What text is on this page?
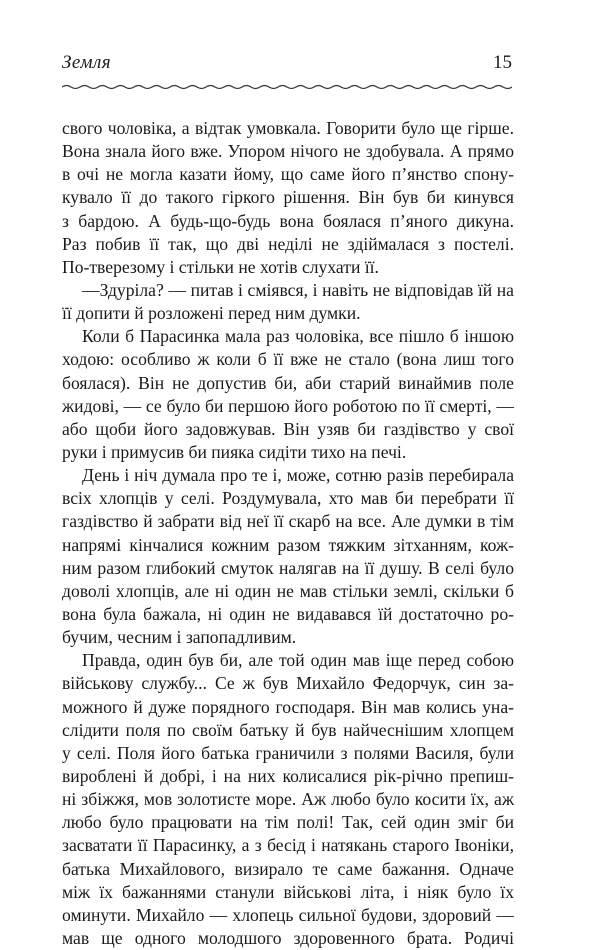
Земля	15
свого чоловіка, а відтак умовкала. Говорити було ще гірше.
Вона знала його вже. Упором нічого не здобувала. А прямо
в очі не могла казати йому, що саме його п’янство спону-
кувало її до такого гіркого рішення. Він був би кинувся
з бардою. А будь-що-будь вона боялася п’яного дикуна.
Раз побив її так, що дві неділі не здіймалася з постелі.
По-тверезому і стільки не хотів слухати її.
—Здуріла? — питав і сміявся, і навіть не відповідав їй на
її допити й розложені перед ним думки.
Коли б Парасинка мала раз чоловіка, все пішло б іншою
ходою: особливо ж коли б її вже не стало (вона лиш того
боялася). Він не допустив би, аби старий винаймив поле
жидові, — се було би першою його роботою по її смерті, —
або щоби його задовжував. Він узяв би газдівство у свої
руки і примусив би пияка сидіти тихо на печі.
День і ніч думала про те і, може, сотню разів перебирала
всіх хлопців у селі. Роздумувала, хто мав би перебрати її
газдівство й забрати від неї її скарб на все. Але думки в тім
напрямі кінчалися кожним разом тяжким зітханням, кож-
ним разом глибокий смуток налягав на її душу. В селі було
доволі хлопців, але ні один не мав стільки землі, скільки б
вона була бажала, ні один не видавався їй достаточно ро-
бучим, чесним і запопадливим.
Правда, один був би, але той один мав іще перед собою
військову службу... Се ж був Михайло Федорчук, син за-
можного й дуже порядного господаря. Він мав колись уна-
слідити поля по своїм батьку й був найчеснішим хлопцем
у селі. Поля його батька граничили з полями Василя, були
вироблені й добрі, і на них колисалися рік-річно препиш-
ні збіжжя, мов золотисте море. Аж любо було косити їх, аж
любо було працювати на тім полі! Так, сей один зміг би
засватати її Парасинку, а з бесід і натякань старого Івоніки,
батька Михайлового, визирало те саме бажання. Одначе
між їх бажаннями станули військові літа, і ніяк було їх
оминути. Михайло — хлопець сильної будови, здоровий —
мав ще одного молодшого здоровенного брата. Родичі
